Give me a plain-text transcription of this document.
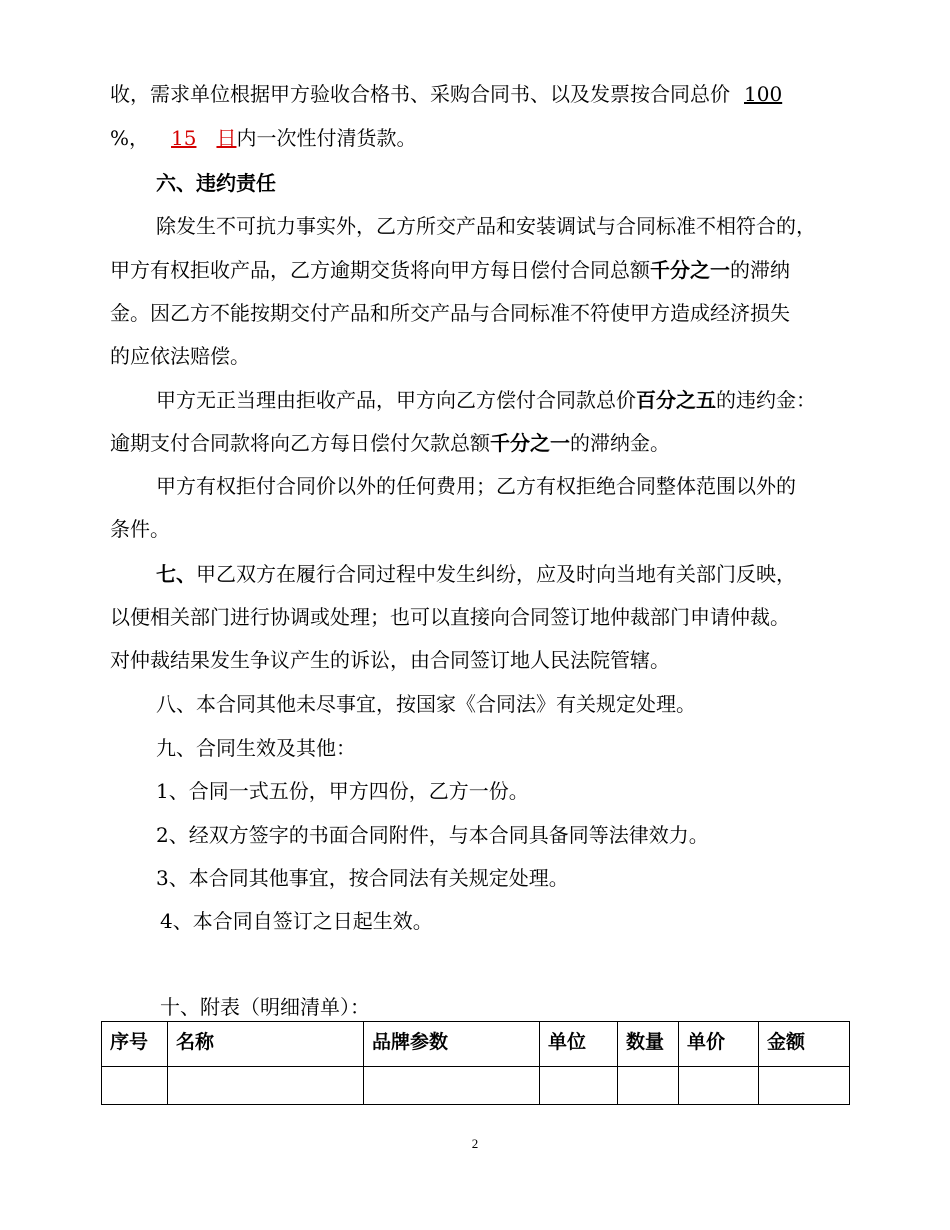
收，需求单位根据甲方验收合格书、采购合同书、以及发票按合同总价 100
%， 15 日内一次性付清货款。
六、违约责任
除发生不可抗力事实外，乙方所交产品和安装调试与合同标准不相符合的，
甲方有权拒收产品，乙方逾期交货将向甲方每日偿付合同总额千分之一的滞纳
金。因乙方不能按期交付产品和所交产品与合同标准不符使甲方造成经济损失
的应依法赔偿。
甲方无正当理由拒收产品，甲方向乙方偿付合同款总价百分之五的违约金：
逾期支付合同款将向乙方每日偿付欠款总额千分之一的滞纳金。
甲方有权拒付合同价以外的任何费用；乙方有权拒绝合同整体范围以外的
条件。
七、甲乙双方在履行合同过程中发生纠纷，应及时向当地有关部门反映，
以便相关部门进行协调或处理；也可以直接向合同签订地仲裁部门申请仲裁。
对仲裁结果发生争议产生的诉讼，由合同签订地人民法院管辖。
八、本合同其他未尽事宜，按国家《合同法》有关规定处理。
九、合同生效及其他：
1、合同一式五份，甲方四份，乙方一份。
2、经双方签字的书面合同附件，与本合同具备同等法律效力。
3、本合同其他事宜，按合同法有关规定处理。
4、本合同自签订之日起生效。
十、附表（明细清单）：
序号	名称	品牌参数	单位	数量	单价	金额

2
